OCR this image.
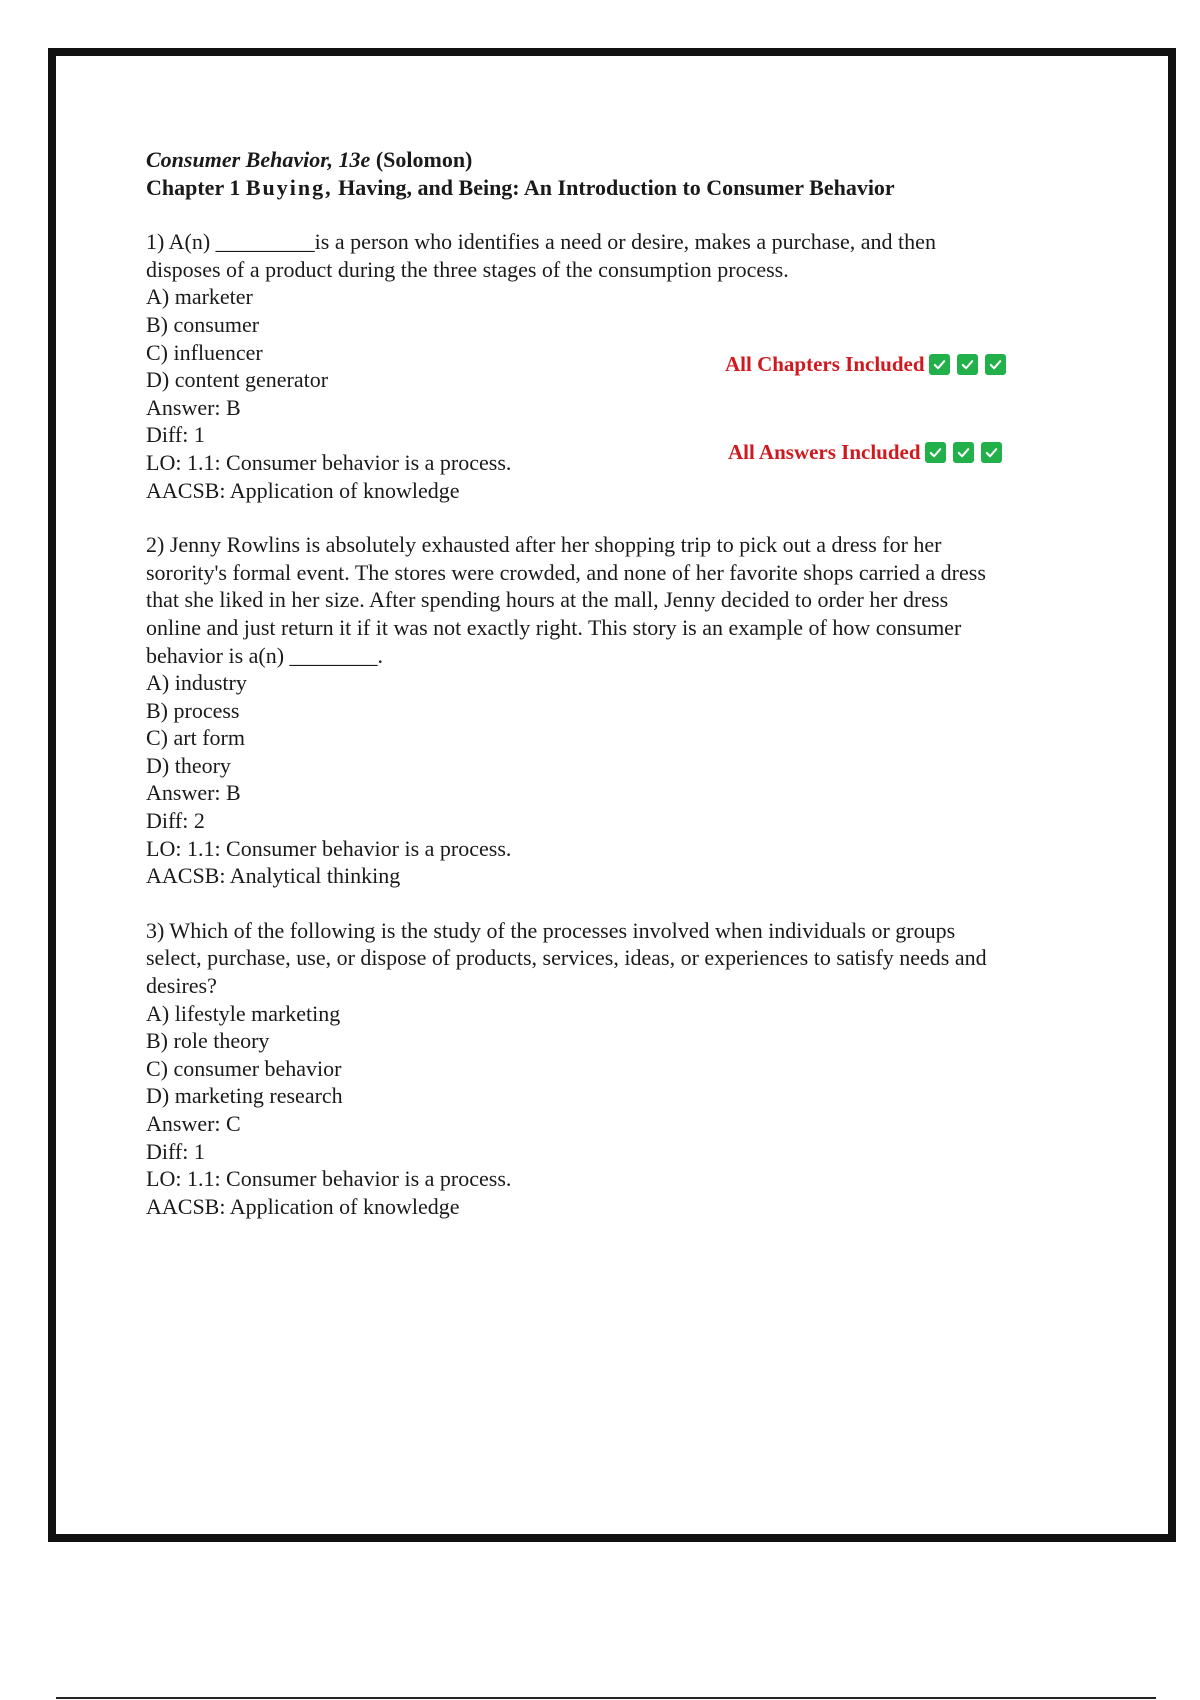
Consumer Behavior, 13e (Solomon)
Chapter 1 Buying, Having, and Being: An Introduction to Consumer Behavior

1) A(n) _________is a person who identifies a need or desire, makes a purchase, and then

disposes of a product during the three stages of the consumption process.

A) marketer

B) consumer

C) influencer

D) content generator

Answer: B

Diff: 1

LO: 1.1: Consumer behavior is a process.

AACSB: Application of knowledge

2) Jenny Rowlins is absolutely exhausted after her shopping trip to pick out a dress for her

sorority's formal event. The stores were crowded, and none of her favorite shops carried a dress

that she liked in her size. After spending hours at the mall, Jenny decided to order her dress

online and just return it if it was not exactly right. This story is an example of how consumer

behavior is a(n) ________.

A) industry

B) process

C) art form

D) theory

Answer: B

Diff: 2

LO: 1.1: Consumer behavior is a process.

AACSB: Analytical thinking

3) Which of the following is the study of the processes involved when individuals or groups

select, purchase, use, or dispose of products, services, ideas, or experiences to satisfy needs and

desires?

A) lifestyle marketing

B) role theory

C) consumer behavior

D) marketing research

Answer: C

Diff: 1

LO: 1.1: Consumer behavior is a process.

AACSB: Application of knowledge

All Chapters Included
All Answers Included
